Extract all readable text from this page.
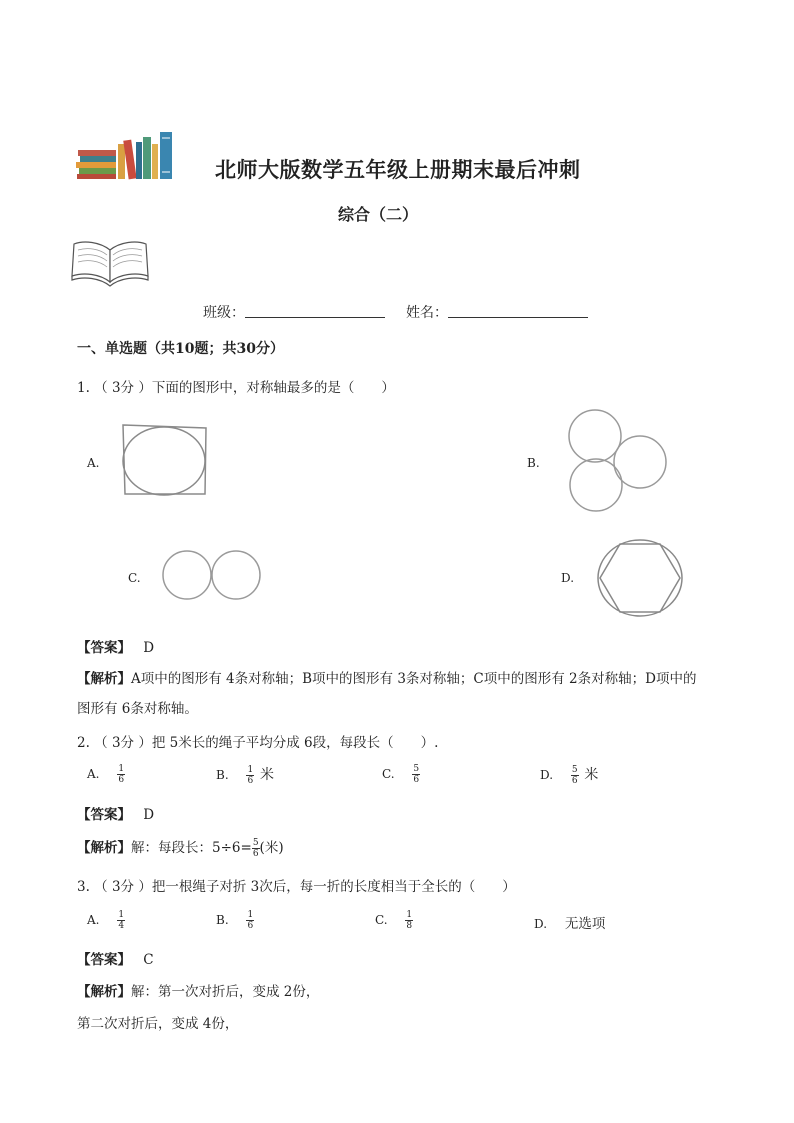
北师大版数学五年级上册期末最后冲刺
综合（二）
班级：	姓名：
一、单选题（共10题；共30分）
1. （ 3分 ）下面的图形中，对称轴最多的是（　　）
A.	B.
C.	D.
【答案】 D
【解析】A项中的图形有 4条对称轴；B项中的图形有 3条对称轴；C项中的图形有 2条对称轴；D项中的
图形有 6条对称轴。
2. （ 3分 ）把 5米长的绳子平均分成 6段，每段长（　　）.
A. $\frac{1}{6}$	B. $\frac{1}{6}$ 米	C. $\frac{5}{6}$	D. $\frac{5}{6}$ 米
【答案】 D
【解析】解：每段长：$5\div 6= \frac{5}{6}$ (米)
3. （ 3分 ）把一根绳子对折 3次后，每一折的长度相当于全长的（　　）
A. $\frac{1}{4}$	B. $\frac{1}{6}$	C. $\frac{1}{8}$	D. 无选项
【答案】 C
【解析】解：第一次对折后，变成 2份，
第二次对折后，变成 4份，
